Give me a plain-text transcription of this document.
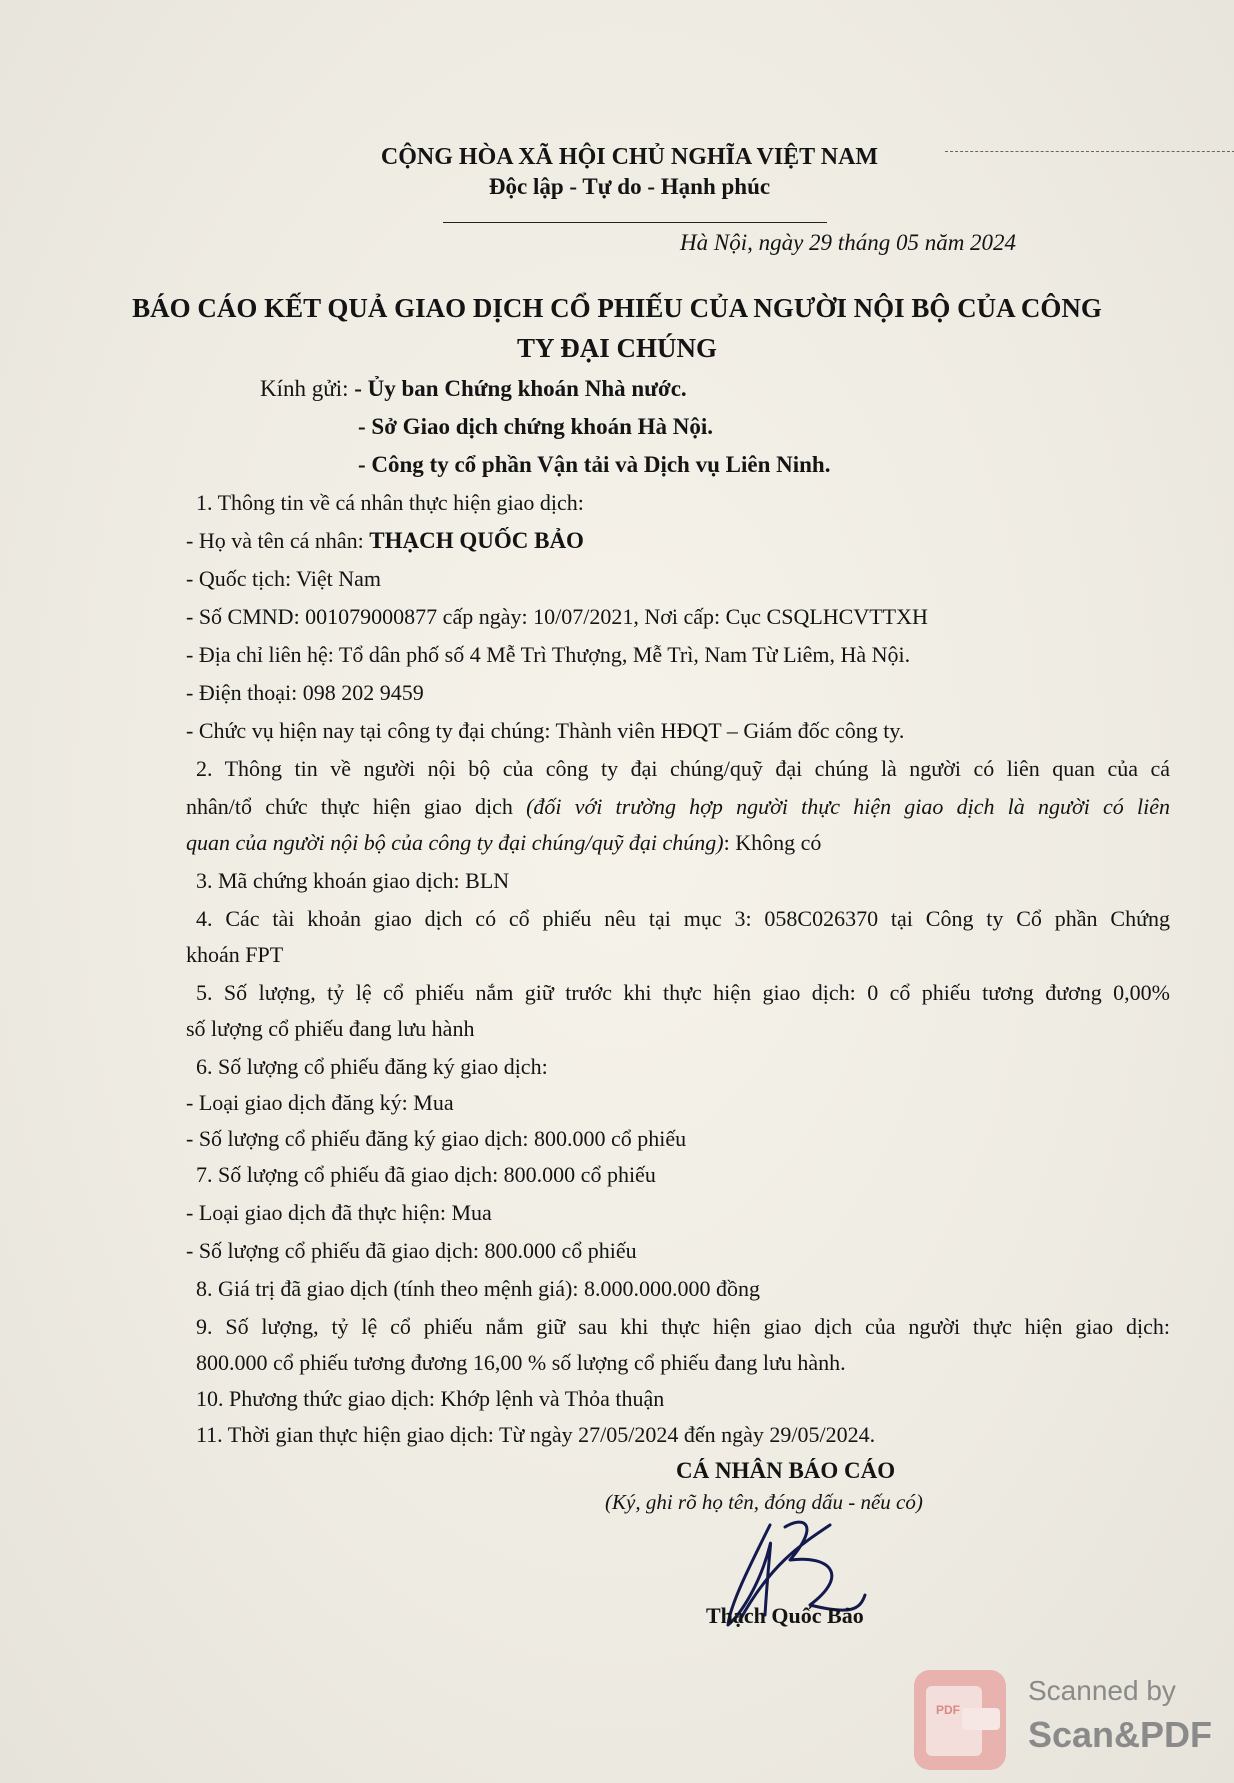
CỘNG HÒA XÃ HỘI CHỦ NGHĨA VIỆT NAM
Độc lập - Tự do - Hạnh phúc
Hà Nội, ngày 29 tháng 05 năm 2024
BÁO CÁO KẾT QUẢ GIAO DỊCH CỔ PHIẾU CỦA NGƯỜI NỘI BỘ CỦA CÔNG
TY ĐẠI CHÚNG
Kính gửi: - Ủy ban Chứng khoán Nhà nước.
- Sở Giao dịch chứng khoán Hà Nội.
- Công ty cổ phần Vận tải và Dịch vụ Liên Ninh.
1. Thông tin về cá nhân thực hiện giao dịch:
- Họ và tên cá nhân: THẠCH QUỐC BẢO
- Quốc tịch: Việt Nam
- Số CMND: 001079000877 cấp ngày: 10/07/2021, Nơi cấp: Cục CSQLHCVTTXH
- Địa chỉ liên hệ: Tổ dân phố số 4 Mễ Trì Thượng, Mễ Trì, Nam Từ Liêm, Hà Nội.
- Điện thoại: 098 202 9459
- Chức vụ hiện nay tại công ty đại chúng: Thành viên HĐQT – Giám đốc công ty.
2. Thông tin về người nội bộ của công ty đại chúng/quỹ đại chúng là người có liên quan của cá
nhân/tổ chức thực hiện giao dịch (đối với trường hợp người thực hiện giao dịch là người có liên
quan của người nội bộ của công ty đại chúng/quỹ đại chúng): Không có
3. Mã chứng khoán giao dịch: BLN
4. Các tài khoản giao dịch có cổ phiếu nêu tại mục 3: 058C026370 tại Công ty Cổ phần Chứng
khoán FPT
5. Số lượng, tỷ lệ cổ phiếu nắm giữ trước khi thực hiện giao dịch: 0 cổ phiếu tương đương 0,00%
số lượng cổ phiếu đang lưu hành
6. Số lượng cổ phiếu đăng ký giao dịch:
- Loại giao dịch đăng ký: Mua
- Số lượng cổ phiếu đăng ký giao dịch: 800.000 cổ phiếu
7. Số lượng cổ phiếu đã giao dịch: 800.000 cổ phiếu
- Loại giao dịch đã thực hiện: Mua
- Số lượng cổ phiếu đã giao dịch: 800.000 cổ phiếu
8. Giá trị đã giao dịch (tính theo mệnh giá): 8.000.000.000 đồng
9. Số lượng, tỷ lệ cổ phiếu nắm giữ sau khi thực hiện giao dịch của người thực hiện giao dịch:
800.000 cổ phiếu tương đương 16,00 % số lượng cổ phiếu đang lưu hành.
10. Phương thức giao dịch: Khớp lệnh và Thỏa thuận
11. Thời gian thực hiện giao dịch: Từ ngày 27/05/2024 đến ngày 29/05/2024.
CÁ NHÂN BÁO CÁO
(Ký, ghi rõ họ tên, đóng dấu - nếu có)
Thạch Quốc Bảo
PDF
Scanned by
Scan&PDF
